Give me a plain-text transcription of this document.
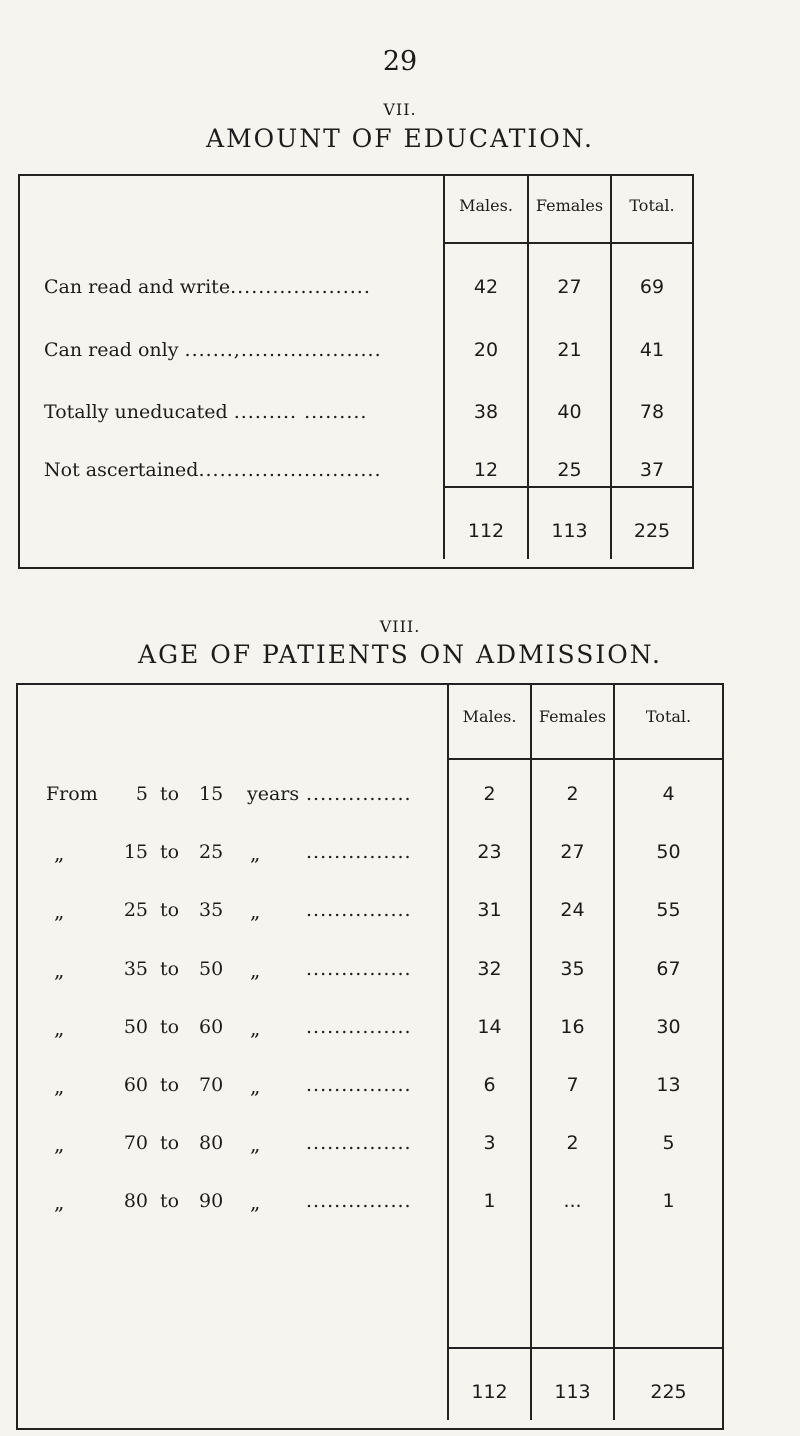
29
VII.
AMOUNT OF EDUCATION.
Males.	Females	Total.
Can read and write....................	42	27	69
Can read only .......,....................	20	21	41
Totally uneducated ......... .........	38	40	78
Not ascertained..........................	12	25	37
112	113	225
VIII.
AGE OF PATIENTS ON ADMISSION.
Males.	Females	Total.
From 5 to 15 years ...............	2	2	4
„	15 to 25 „ ...............	23	27	50
„	25 to 35 „ ...............	31	24	55
„	35 to 50 „ ...............	32	35	67
„	50 to 60 „ ...............	14	16	30
„	60 to 70 „ ...............	6	7	13
„	70 to 80 „ ...............	3	2	5
„	80 to 90 „ ...............	1	...	1
112	113	225
